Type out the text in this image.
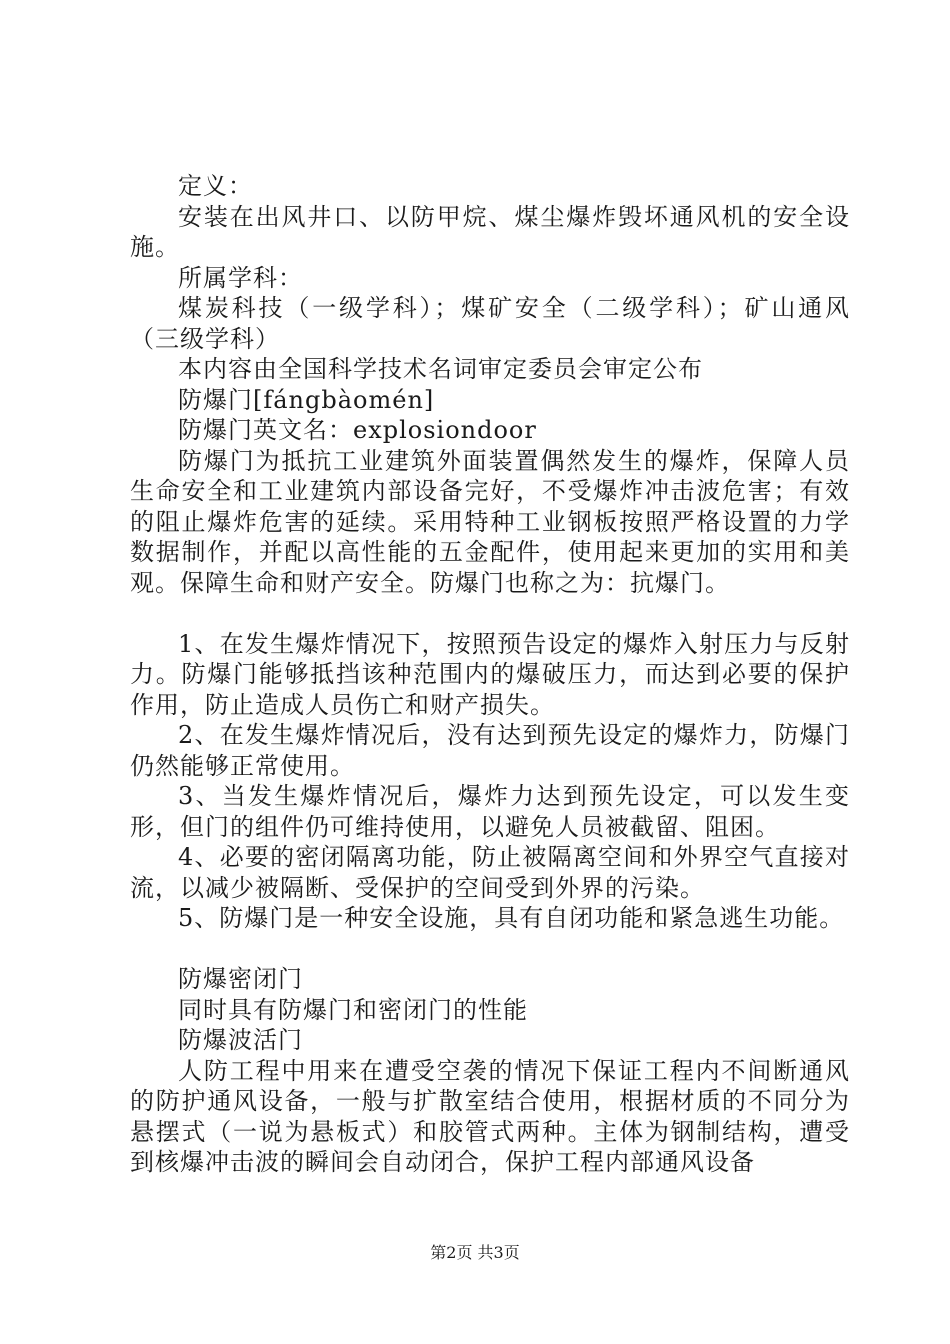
定义：

安装在出风井口、以防甲烷、煤尘爆炸毁坏通风机的安全设施。

所属学科：

煤炭科技（一级学科）；煤矿安全（二级学科）；矿山通风（三级学科）

本内容由全国科学技术名词审定委员会审定公布

防爆门[fángbàomén]

防爆门英文名：explosiondoor

防爆门为抵抗工业建筑外面装置偶然发生的爆炸，保障人员生命安全和工业建筑内部设备完好，不受爆炸冲击波危害；有效的阻止爆炸危害的延续。采用特种工业钢板按照严格设置的力学数据制作，并配以高性能的五金配件，使用起来更加的实用和美观。保障生命和财产安全。防爆门也称之为：抗爆门。

1、在发生爆炸情况下，按照预告设定的爆炸入射压力与反射力。防爆门能够抵挡该种范围内的爆破压力，而达到必要的保护作用，防止造成人员伤亡和财产损失。

2、在发生爆炸情况后，没有达到预先设定的爆炸力，防爆门仍然能够正常使用。

3、当发生爆炸情况后，爆炸力达到预先设定，可以发生变形，但门的组件仍可维持使用，以避免人员被截留、阻困。

4、必要的密闭隔离功能，防止被隔离空间和外界空气直接对流，以减少被隔断、受保护的空间受到外界的污染。

5、防爆门是一种安全设施，具有自闭功能和紧急逃生功能。

防爆密闭门

同时具有防爆门和密闭门的性能

防爆波活门

人防工程中用来在遭受空袭的情况下保证工程内不间断通风的防护通风设备，一般与扩散室结合使用，根据材质的不同分为悬摆式（一说为悬板式）和胶管式两种。主体为钢制结构，遭受到核爆冲击波的瞬间会自动闭合，保护工程内部通风设备

第2页 共3页
